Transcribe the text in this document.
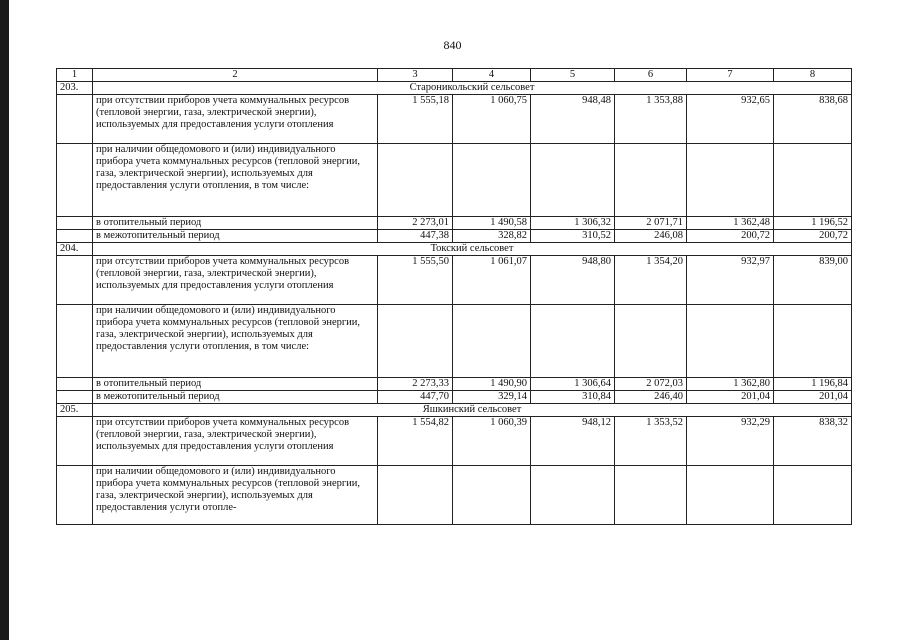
840
1	2	3	4	5	6	7	8
203.	Староникольский сельсовет						
	при отсутствии приборов учета коммунальных ресурсов (тепловой энергии, газа, электрической энергии), используемых для предоставления услуги отопления	1 555,18	1 060,75	948,48	1 353,88	932,65	838,68
	при наличии общедомового и (или) индивидуального прибора учета коммунальных ресурсов (тепловой энергии, газа, электрической энергии), используемых для предоставления услуги отопления, в том числе:						
	в отопительный период	2 273,01	1 490,58	1 306,32	2 071,71	1 362,48	1 196,52
	в межотопительный период	447,38	328,82	310,52	246,08	200,72	200,72
204.	Токский сельсовет						
	при отсутствии приборов учета коммунальных ресурсов (тепловой энергии, газа, электрической энергии), используемых для предоставления услуги отопления	1 555,50	1 061,07	948,80	1 354,20	932,97	839,00
	при наличии общедомового и (или) индивидуального прибора учета коммунальных ресурсов (тепловой энергии, газа, электрической энергии), используемых для предоставления услуги отопления, в том числе:						
	в отопительный период	2 273,33	1 490,90	1 306,64	2 072,03	1 362,80	1 196,84
	в межотопительный период	447,70	329,14	310,84	246,40	201,04	201,04
205.	Яшкинский сельсовет						
	при отсутствии приборов учета коммунальных ресурсов (тепловой энергии, газа, электрической энергии), используемых для предоставления услуги отопления	1 554,82	1 060,39	948,12	1 353,52	932,29	838,32
	при наличии общедомового и (или) индивидуального прибора учета коммунальных ресурсов (тепловой энергии, газа, электрической энергии), используемых для предоставления услуги отопле-						
